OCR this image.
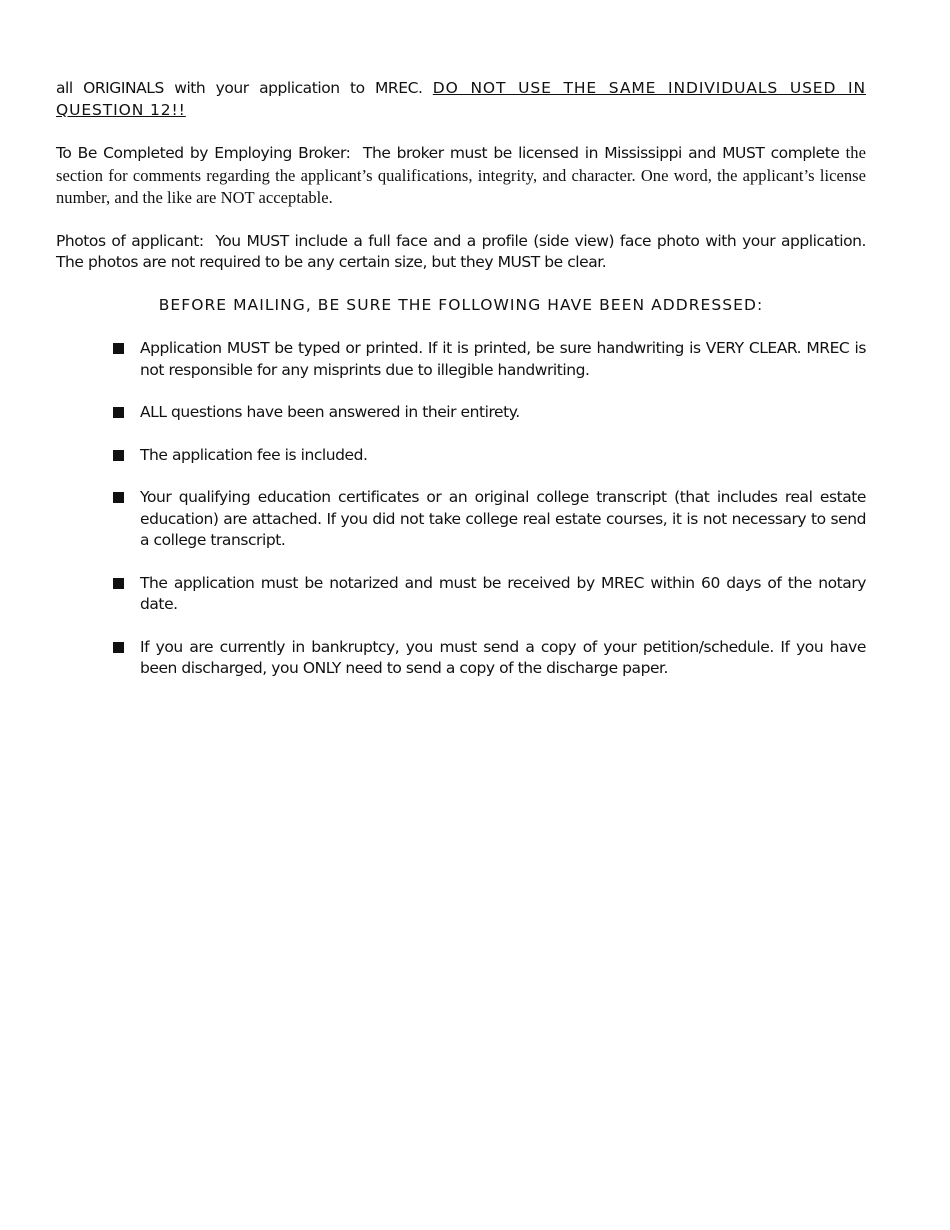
all ORIGINALS with your application to MREC. DO NOT USE THE SAME INDIVIDUALS USED IN QUESTION 12!!

To Be Completed by Employing Broker: The broker must be licensed in Mississippi and MUST complete the section for comments regarding the applicant’s qualifications, integrity, and character. One word, the applicant’s license number, and the like are NOT acceptable.

Photos of applicant: You MUST include a full face and a profile (side view) face photo with your application. The photos are not required to be any certain size, but they MUST be clear.

BEFORE MAILING, BE SURE THE FOLLOWING HAVE BEEN ADDRESSED:
Application MUST be typed or printed. If it is printed, be sure handwriting is VERY CLEAR. MREC is not responsible for any misprints due to illegible handwriting.
ALL questions have been answered in their entirety.
The application fee is included.
Your qualifying education certificates or an original college transcript (that includes real estate education) are attached. If you did not take college real estate courses, it is not necessary to send a college transcript.
The application must be notarized and must be received by MREC within 60 days of the notary date.
If you are currently in bankruptcy, you must send a copy of your petition/schedule. If you have been discharged, you ONLY need to send a copy of the discharge paper.
